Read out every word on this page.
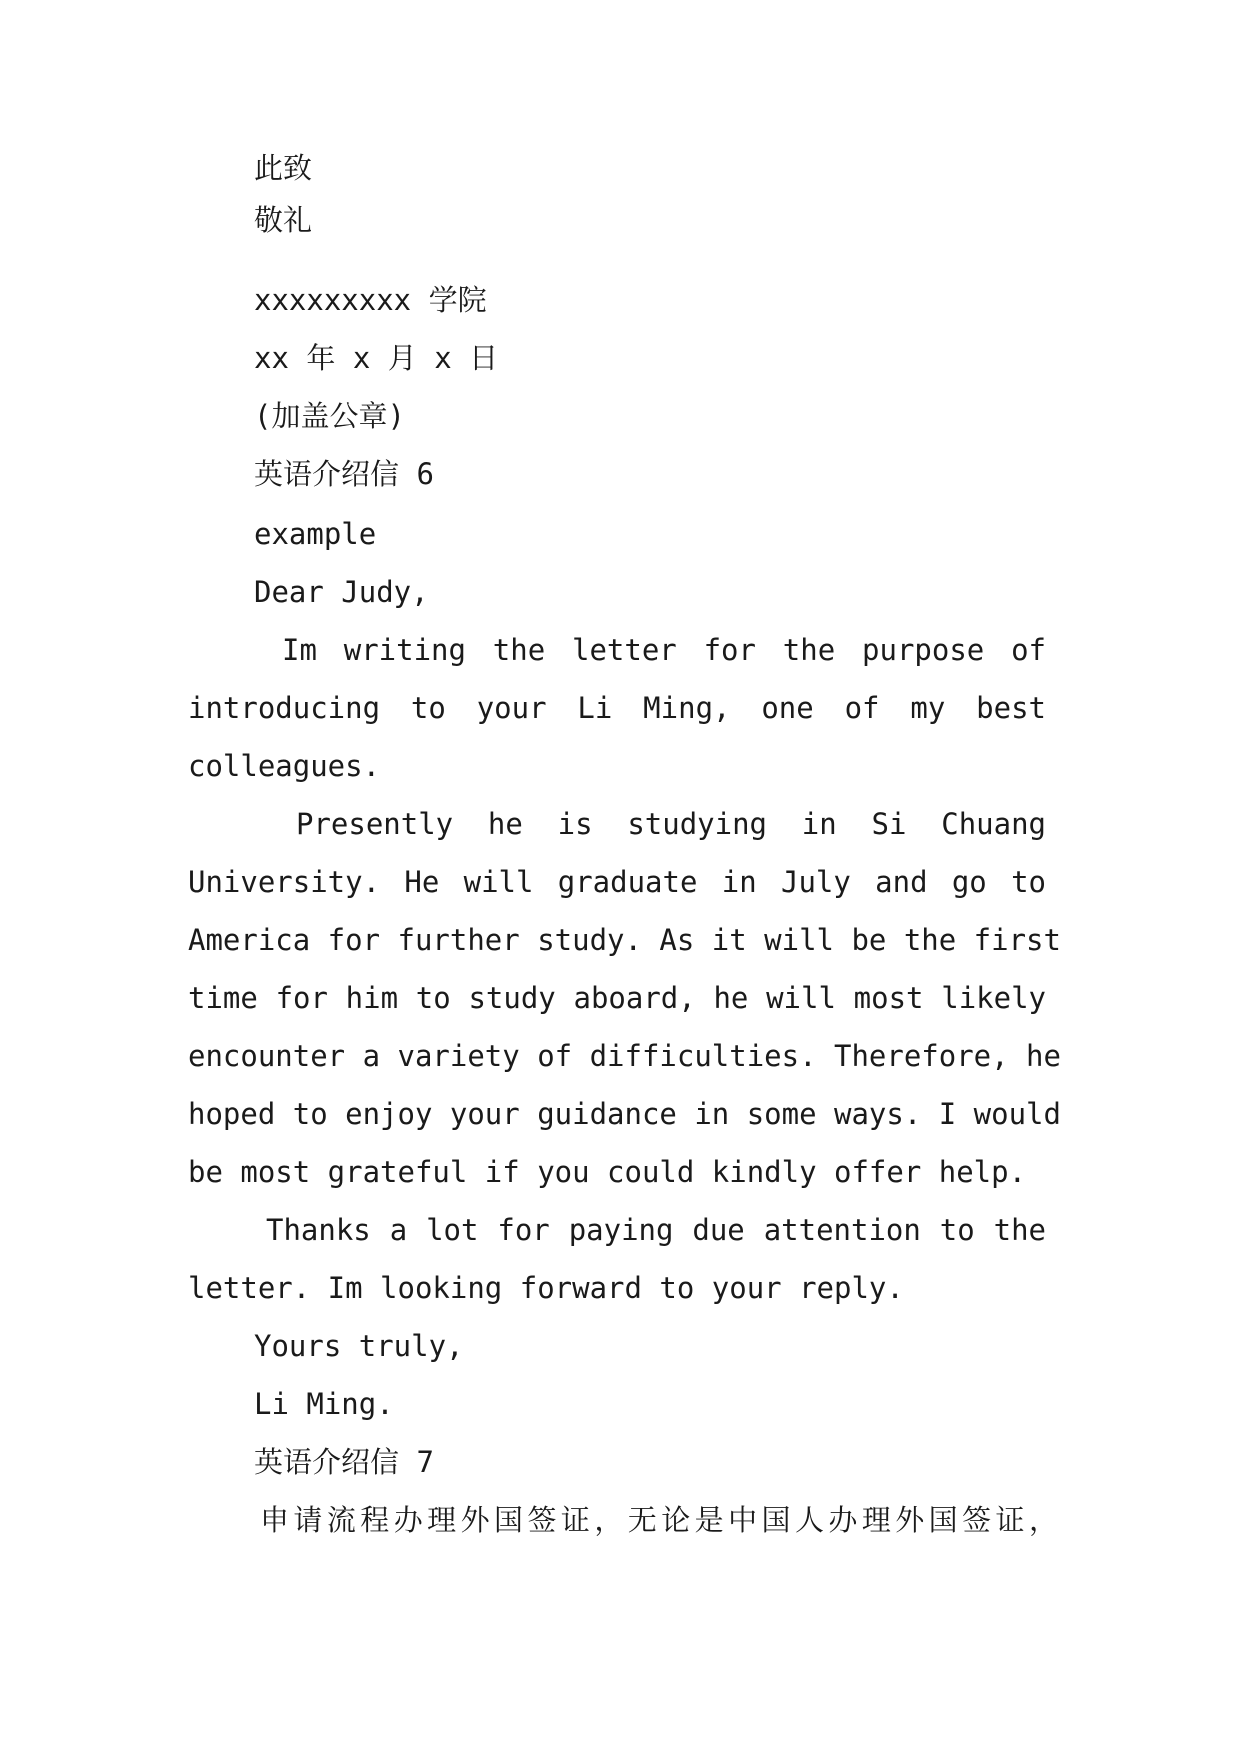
此致

敬礼

xxxxxxxxx 学院

xx 年 x 月 x 日

(加盖公章)

英语介绍信 6

example

Dear Judy,

Im writing the letter for the purpose of

introducing to your Li Ming, one of my best

colleagues.

Presently he is studying in Si Chuang

University. He will graduate in July and go to

America for further study. As it will be the first

time for him to study aboard, he will most likely

encounter a variety of difficulties. Therefore, he

hoped to enjoy your guidance in some ways. I would

be most grateful if you could kindly offer help.

Thanks a lot for paying due attention to the

letter. Im looking forward to your reply.

Yours truly,

Li Ming.

英语介绍信 7

申请流程办理外国签证，无论是中国人办理外国签证，
